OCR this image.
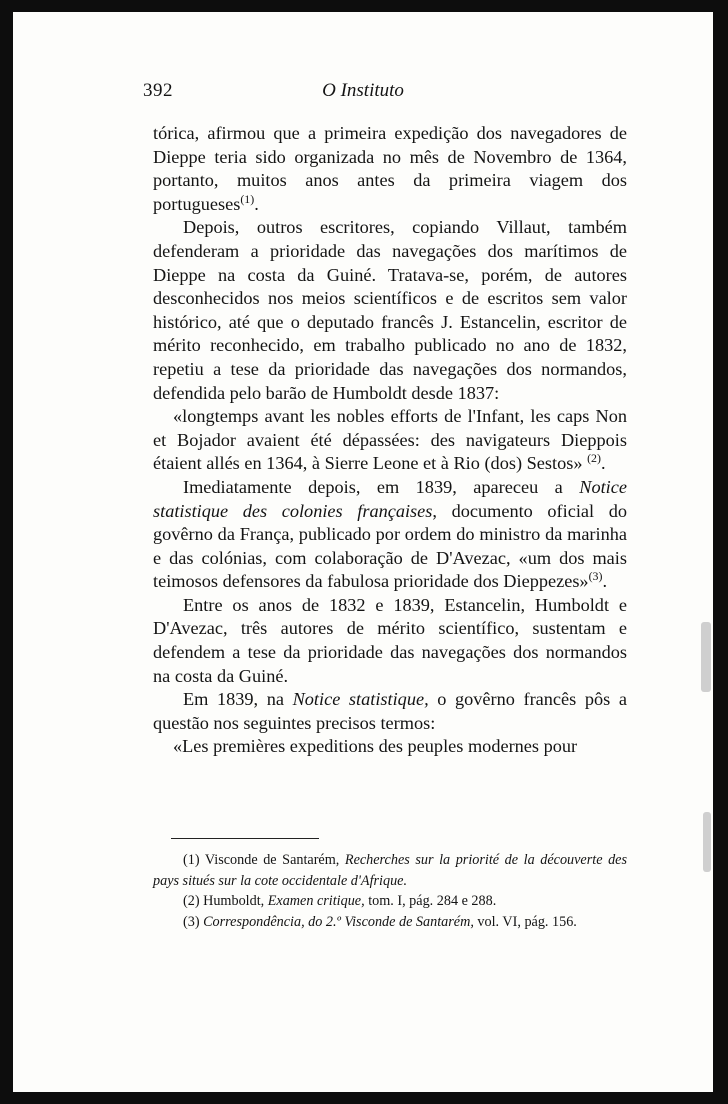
392	O Instituto

tórica, afirmou que a primeira expedição dos navegadores de Dieppe teria sido organizada no mês de Novembro de 1364, portanto, muitos anos antes da primeira viagem dos portugueses$^{(1)}$.

Depois, outros escritores, copiando Villaut, também defenderam a prioridade das navegações dos marítimos de Dieppe na costa da Guiné. Tratava-se, porém, de autores desconhecidos nos meios scientíficos e de escritos sem valor histórico, até que o deputado francês J. Estancelin, escritor de mérito reconhecido, em trabalho publicado no ano de 1832, repetiu a tese da prioridade das navegações dos normandos, defendida pelo barão de Humboldt desde 1837:

«longtemps avant les nobles efforts de l'Infant, les caps Non et Bojador avaient été dépassées: des navigateurs Dieppois étaient allés en 1364, à Sierre Leone et à Rio (dos) Sestos» $^{(2)}$.

Imediatamente depois, em 1839, apareceu a Notice statistique des colonies françaises, documento oficial do govêrno da França, publicado por ordem do ministro da marinha e das colónias, com colaboração de D'Avezac, «um dos mais teimosos defensores da fabulosa prioridade dos Dieppezes»$^{(3)}$.

Entre os anos de 1832 e 1839, Estancelin, Humboldt e D'Avezac, três autores de mérito scientífico, sustentam e defendem a tese da prioridade das navegações dos normandos na costa da Guiné.

Em 1839, na Notice statistique, o govêrno francês pôs a questão nos seguintes precisos termos:

«Les premières expeditions des peuples modernes pour

(1) Visconde de Santarém, Recherches sur la priorité de la découverte des pays situés sur la cote occidentale d'Afrique.

(2) Humboldt, Examen critique, tom. I, pág. 284 e 288.

(3) Correspondência, do 2.º Visconde de Santarém, vol. VI, pág. 156.
